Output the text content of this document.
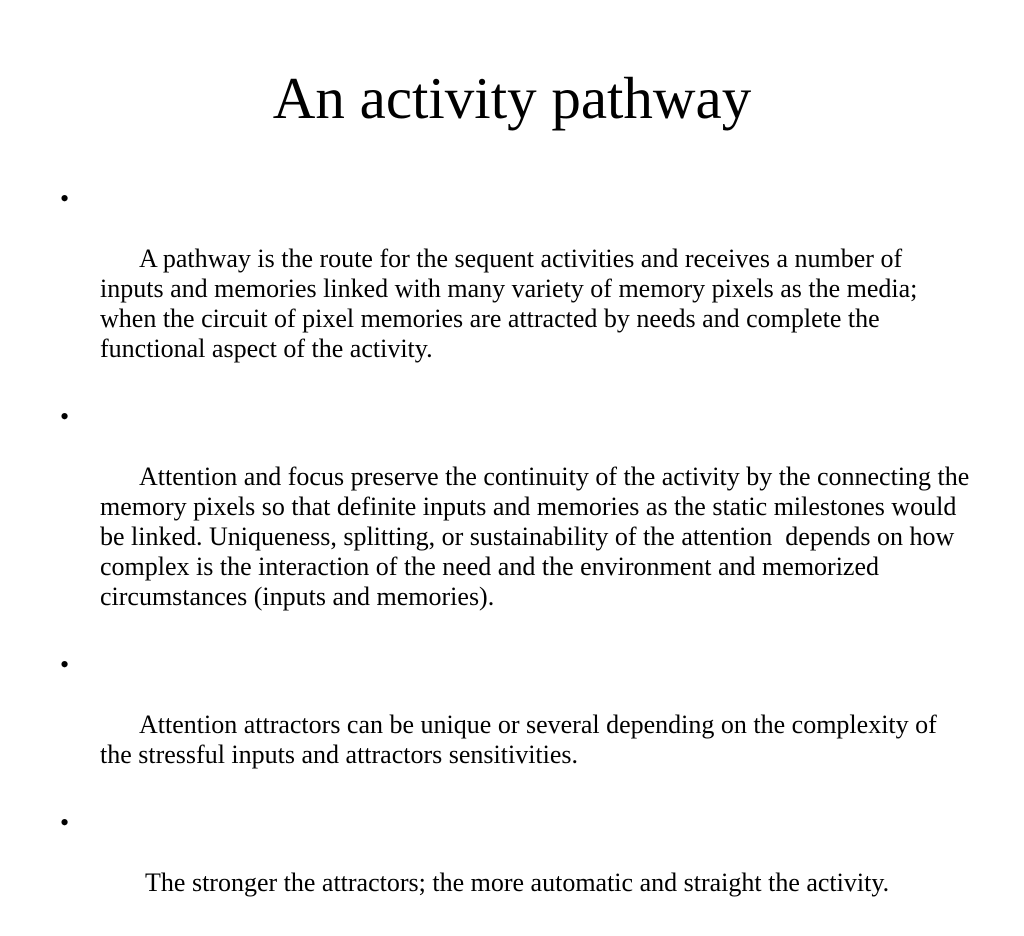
An activity pathway

•

A pathway is the route for the sequent activities and receives a number of inputs and memories linked with many variety of memory pixels as the media; when the circuit of pixel memories are attracted by needs and complete the functional aspect of the activity.

•

Attention and focus preserve the continuity of the activity by the connecting the memory pixels so that definite inputs and memories as the static milestones would be linked. Uniqueness, splitting, or sustainability of the attention  depends on how complex is the interaction of the need and the environment and memorized circumstances (inputs and memories).

•

Attention attractors can be unique or several depending on the complexity of the stressful inputs and attractors sensitivities.

•

The stronger the attractors; the more automatic and straight the activity.
